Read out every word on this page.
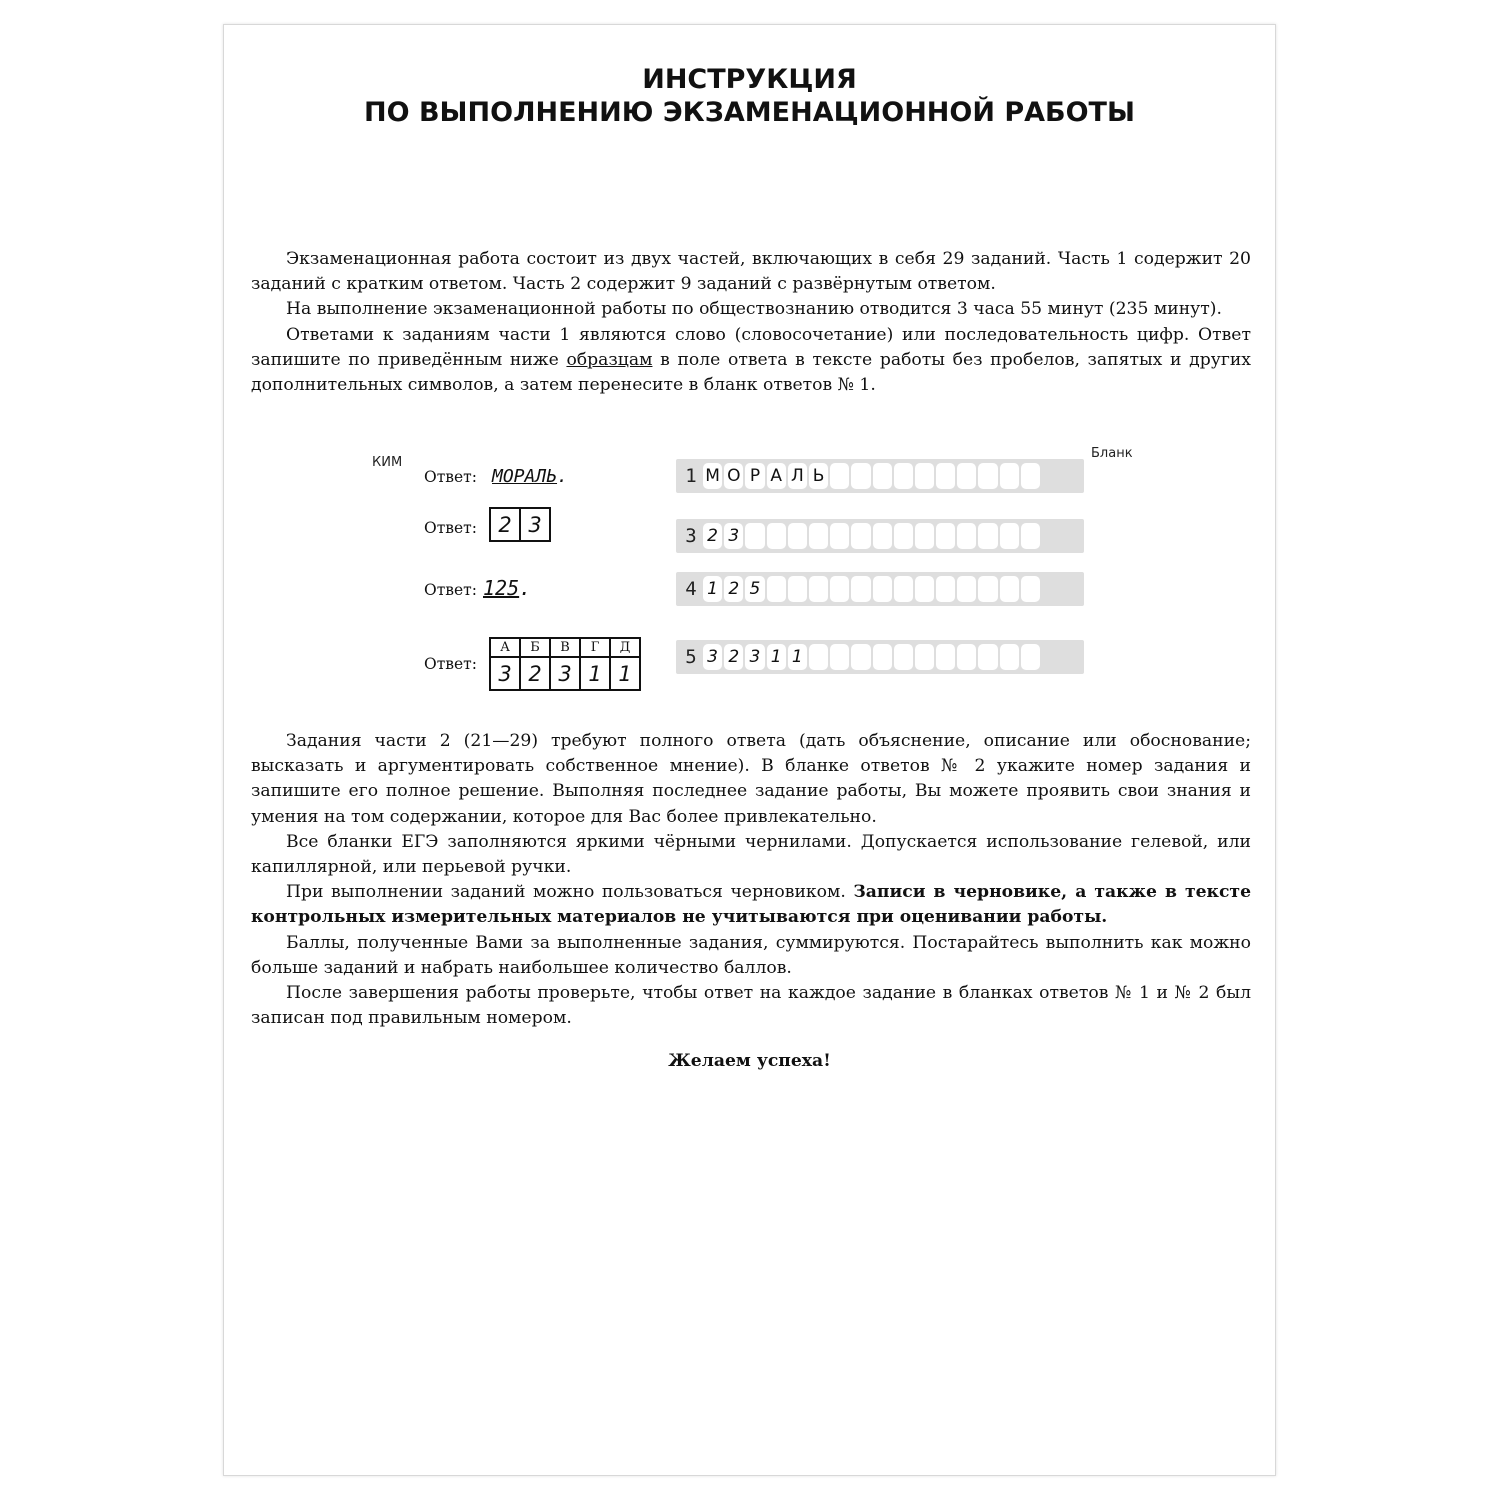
ИНСТРУКЦИЯ
ПО ВЫПОЛНЕНИЮ ЭКЗАМЕНАЦИОННОЙ РАБОТЫ

Экзаменационная работа состоит из двух частей, включающих в себя 29 заданий. Часть 1 содержит 20 заданий с кратким ответом. Часть 2 содержит 9 заданий с развёрнутым ответом.

На выполнение экзаменационной работы по обществознанию отводится 3 часа 55 минут (235 минут).

Ответами к заданиям части 1 являются слово (словосочетание) или последовательность цифр. Ответ запишите по приведённым ниже образцам в поле ответа в тексте работы без пробелов, запятых и других дополнительных символов, а затем перенесите в бланк ответов № 1.

КИМ
Бланк
Ответ: МОРАЛЬ.	1 М О Р А Л Ь
Ответ: 2	3	3 2 3
Ответ: 125.	4 1 2 5
Ответ:
А	Б	В	Г	Д
3	2	3	1	1
5 3 2 3 1 1

Задания части 2 (21—29) требуют полного ответа (дать объяснение, описание или обоснование; высказать и аргументировать собственное мнение). В бланке ответов № 2 укажите номер задания и запишите его полное решение. Выполняя последнее задание работы, Вы можете проявить свои знания и умения на том содержании, которое для Вас более привлекательно.

Все бланки ЕГЭ заполняются яркими чёрными чернилами. Допускается использование гелевой, или капиллярной, или перьевой ручки.

При выполнении заданий можно пользоваться черновиком. Записи в черновике, а также в тексте контрольных измерительных материалов не учитываются при оценивании работы.

Баллы, полученные Вами за выполненные задания, суммируются. Постарайтесь выполнить как можно больше заданий и набрать наибольшее количество баллов.

После завершения работы проверьте, чтобы ответ на каждое задание в бланках ответов № 1 и № 2 был записан под правильным номером.

Желаем успеха!
